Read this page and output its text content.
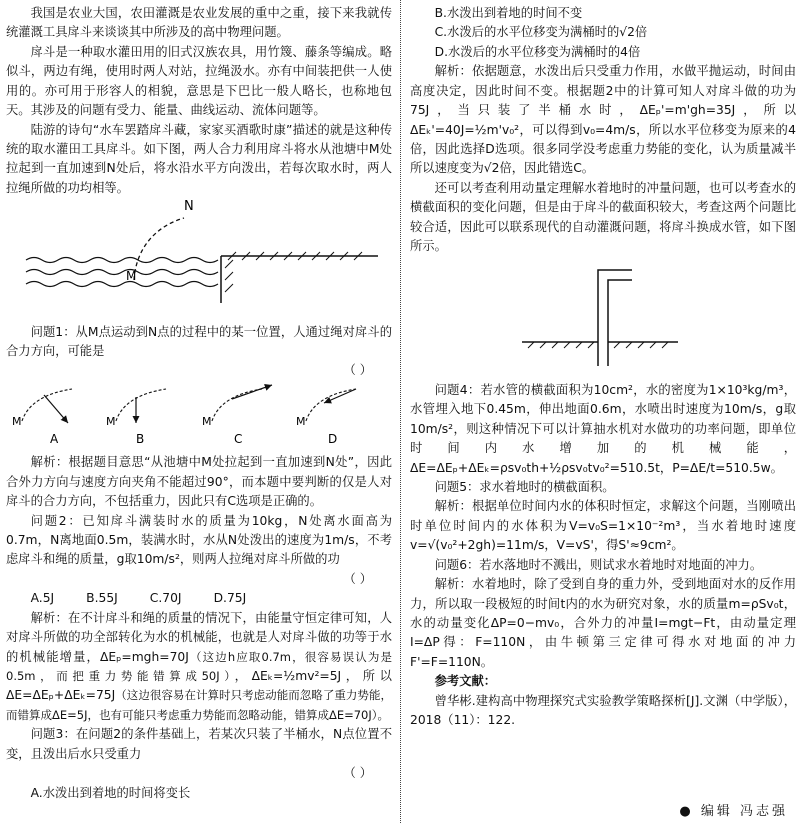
我国是农业大国，农田灌溉是农业发展的重中之重，接下来我就传统灌溉工具戽斗来谈谈其中所涉及的高中物理问题。

戽斗是一种取水灌田用的旧式汉族农具，用竹篾、藤条等编成。略似斗，两边有绳，使用时两人对站，拉绳汲水。亦有中间装把供一人使用的。亦可用于形容人的相貌，意思是下巴比一般人略长，也称地包天。其涉及的问题有受力、能量、曲线运动、流体问题等。

陆游的诗句“水车罢踏戽斗藏，家家买酒歌时康”描述的就是这种传统的取水灌田工具戽斗。如下图，两人合力利用戽斗将水从池塘中M处拉起到一直加速到N处后，将水沿水平方向泼出，若每次取水时，两人拉绳所做的功均相等。

N
M

问题1：从M点运动到N点的过程中的某一位置，人通过绳对戽斗的合力方向，可能是

（ ）
M
A
M
B
M
C
M
D

解析：根据题目意思“从池塘中M处拉起到一直加速到N处”，因此合外力方向与速度方向夹角不能超过90°，而本题中要判断的仅是人对戽斗的合力方向，不包括重力，因此只有C选项是正确的。

问题2：已知戽斗满装时水的质量为10kg，N处离水面高为0.7m，N离地面0.5m，装满水时，水从N处泼出的速度为1m/s，不考虑戽斗和绳的质量，g取10m/s²，则两人拉绳对戽斗所做的功

（ ）
A.5J	B.55J	C.70J	D.75J

解析：在不计戽斗和绳的质量的情况下，由能量守恒定律可知，人对戽斗所做的功全部转化为水的机械能，也就是人对戽斗做的功等于水的机械能增量，ΔEₚ=mgh=70J（这边h应取0.7m，很容易误认为是0.5m，而把重力势能错算成50J），ΔEₖ=½mv²=5J，所以ΔE=ΔEₚ+ΔEₖ=75J（这边很容易在计算时只考虑动能而忽略了重力势能，而错算成ΔE=5J，也有可能只考虑重力势能而忽略动能，错算成ΔE=70J）。

问题3：在问题2的条件基础上，若某次只装了半桶水，N点位置不变，且泼出后水只受重力

（ ）

A.水泼出到着地的时间将变长

B.水泼出到着地的时间不变

C.水泼后的水平位移变为满桶时的√2倍

D.水泼后的水平位移变为满桶时的4倍

解析：依据题意，水泼出后只受重力作用，水做平抛运动，时间由高度决定，因此时间不变。根据题2中的计算可知人对戽斗做的功为75J，当只装了半桶水时，ΔEₚ'=m'gh=35J，所以ΔEₖ'=40J=½m'v₀²，可以得到v₀=4m/s，所以水平位移变为原来的4倍，因此选择D选项。很多同学没考虑重力势能的变化，认为质量减半所以速度变为√2倍，因此错选C。

还可以考查利用动量定理解水着地时的冲量问题，也可以考查水的横截面积的变化问题，但是由于戽斗的截面积较大，考查这两个问题比较合适，因此可以联系现代的自动灌溉问题，将戽斗换成水管，如下图所示。

问题4：若水管的横截面积为10cm²，水的密度为1×10³kg/m³，水管埋入地下0.45m，伸出地面0.6m，水喷出时速度为10m/s，g取10m/s²，则这种情况下可以计算抽水机对水做功的功率问题，即单位时间内水增加的机械能，ΔE=ΔEₚ+ΔEₖ=ρsv₀th+½ρsv₀tv₀²=510.5t，P=ΔE/t=510.5w。

问题5：求水着地时的横截面积。

解析：根据单位时间内水的体积时恒定，求解这个问题，当刚喷出时单位时间内的水体积为V=v₀S=1×10⁻²m³，当水着地时速度v=√(v₀²+2gh)=11m/s，V=vS'，得S'≈9cm²。

问题6：若水落地时不溅出，则试求水着地时对地面的冲力。

解析：水着地时，除了受到自身的重力外，受到地面对水的反作用力，所以取一段极短的时间t内的水为研究对象，水的质量m=ρSv₀t，水的动量变化ΔP=0−mv₀，合外力的冲量I=mgt−Ft，由动量定理I=ΔP得：F=110N，由牛顿第三定律可得水对地面的冲力F'=F=110N。

参考文献：

曾华彬.建构高中物理探究式实验教学策略探析[J].文渊（中学版），2018（11）：122.

● 编辑 冯志强
